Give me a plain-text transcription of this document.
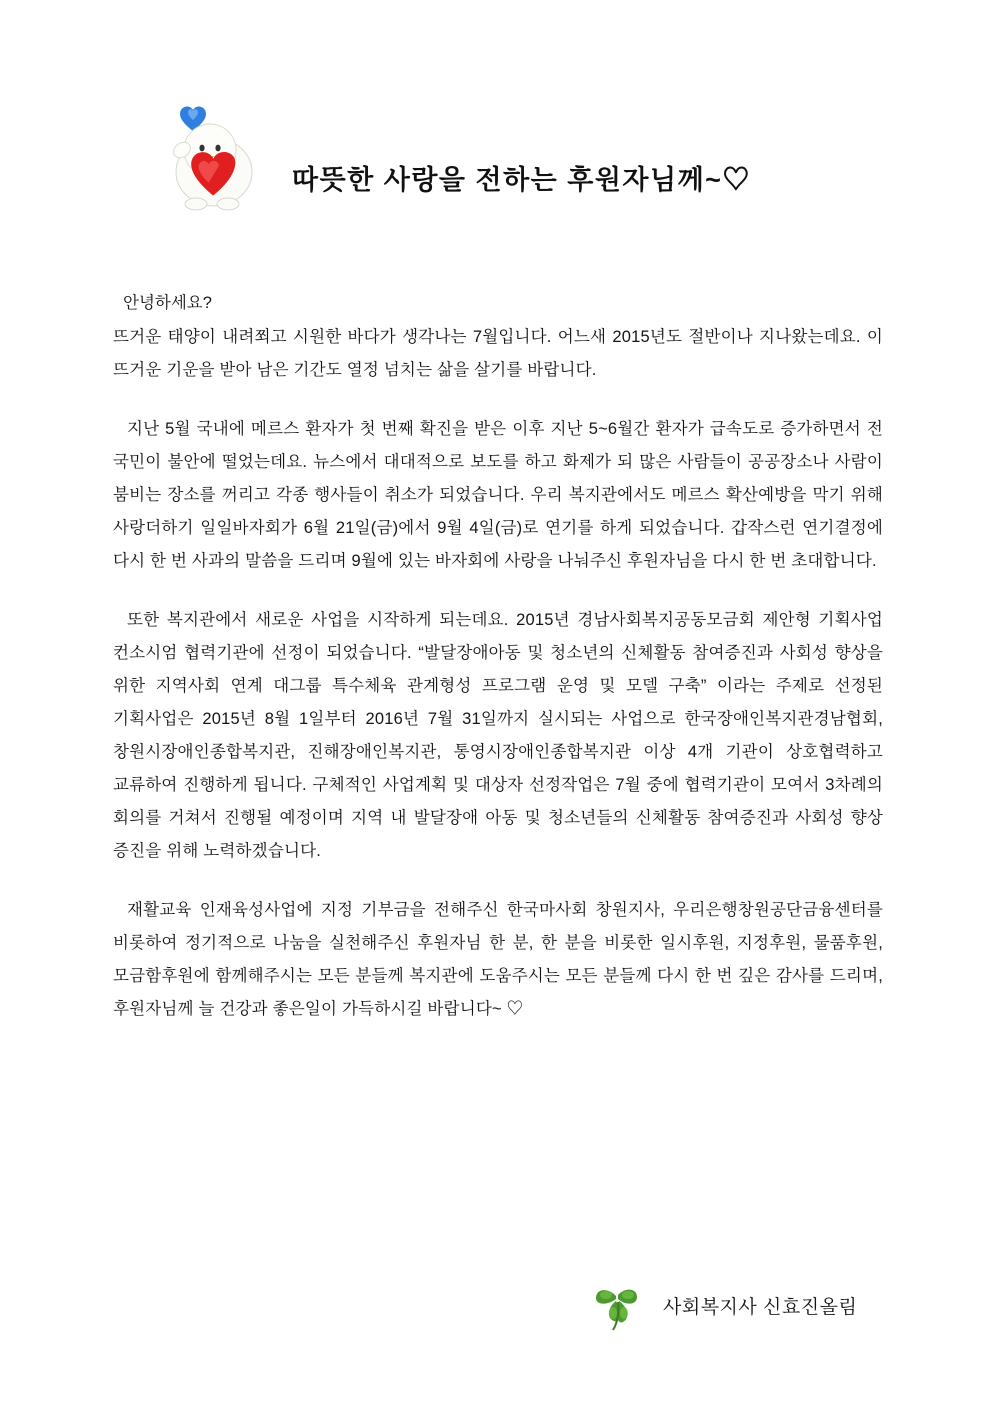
따뜻한 사랑을 전하는 후원자님께~♡

안녕하세요?

뜨거운 태양이 내려쬐고 시원한 바다가 생각나는 7월입니다. 어느새 2015년도 절반이나 지나왔는데요. 이 뜨거운 기운을 받아 남은 기간도 열정 넘치는 삶을 살기를 바랍니다.

지난 5월 국내에 메르스 환자가 첫 번째 확진을 받은 이후 지난 5~6월간 환자가 급속도로 증가하면서 전 국민이 불안에 떨었는데요. 뉴스에서 대대적으로 보도를 하고 화제가 되 많은 사람들이 공공장소나 사람이 붐비는 장소를 꺼리고 각종 행사들이 취소가 되었습니다. 우리 복지관에서도 메르스 확산예방을 막기 위해 사랑더하기 일일바자회가 6월 21일(금)에서 9월 4일(금)로 연기를 하게 되었습니다. 갑작스런 연기결정에 다시 한 번 사과의 말씀을 드리며 9월에 있는 바자회에 사랑을 나눠주신 후원자님을 다시 한 번 초대합니다.

또한 복지관에서 새로운 사업을 시작하게 되는데요. 2015년 경남사회복지공동모금회 제안형 기획사업 컨소시엄 협력기관에 선정이 되었습니다. “발달장애아동 및 청소년의 신체활동 참여증진과 사회성 향상을 위한 지역사회 연계 대그룹 특수체육 관계형성 프로그램 운영 및 모델 구축” 이라는 주제로 선정된 기획사업은 2015년 8월 1일부터 2016년 7월 31일까지 실시되는 사업으로 한국장애인복지관경남협회, 창원시장애인종합복지관, 진해장애인복지관, 통영시장애인종합복지관 이상 4개 기관이 상호협력하고 교류하여 진행하게 됩니다. 구체적인 사업계획 및 대상자 선정작업은 7월 중에 협력기관이 모여서 3차례의 회의를 거쳐서 진행될 예정이며 지역 내 발달장애 아동 및 청소년들의 신체활동 참여증진과 사회성 향상 증진을 위해 노력하겠습니다.

재활교육 인재육성사업에 지정 기부금을 전해주신 한국마사회 창원지사, 우리은행창원공단금융센터를 비롯하여 정기적으로 나눔을 실천해주신 후원자님 한 분, 한 분을 비롯한 일시후원, 지정후원, 물품후원, 모금함후원에 함께해주시는 모든 분들께 복지관에 도움주시는 모든 분들께 다시 한 번 깊은 감사를 드리며, 후원자님께 늘 건강과 좋은일이 가득하시길 바랍니다~ ♡

사회복지사 신효진올림
